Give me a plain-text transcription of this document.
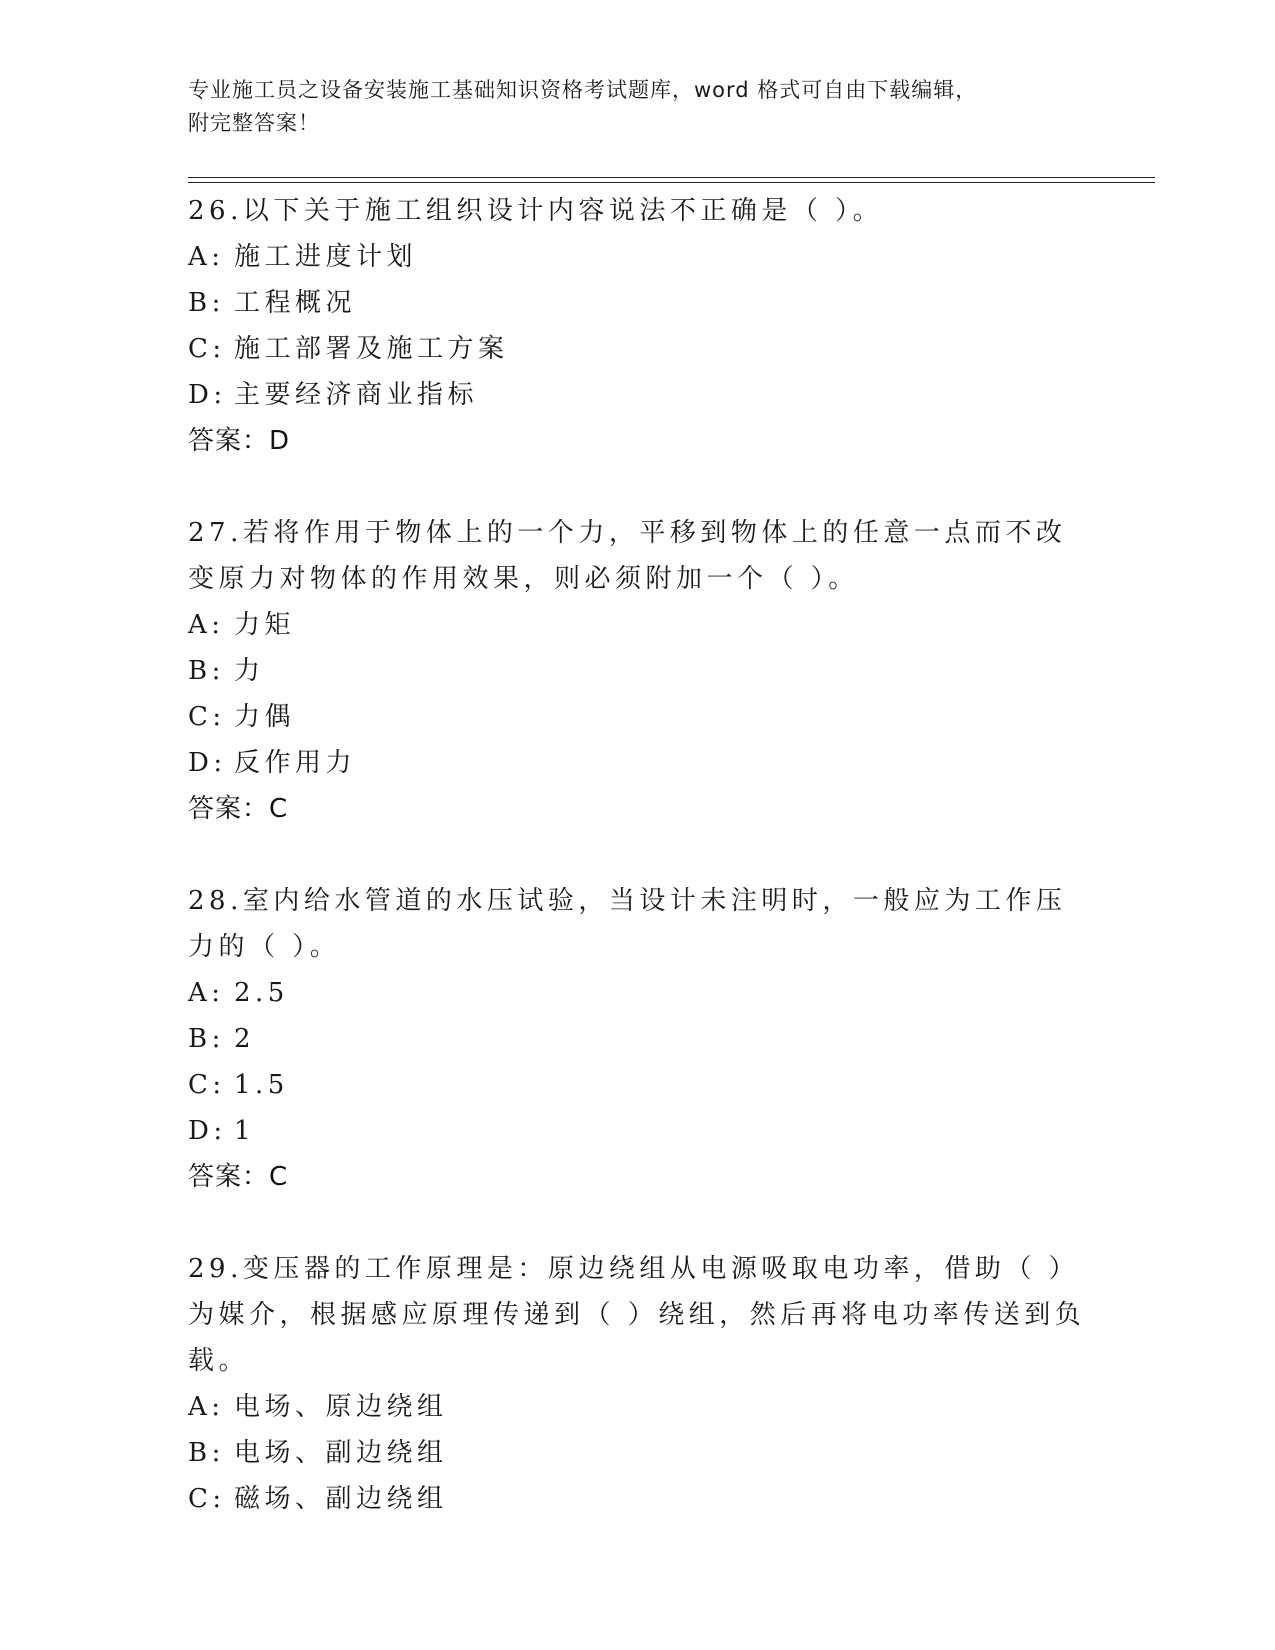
专业施工员之设备安装施工基础知识资格考试题库，word 格式可自由下载编辑，
附完整答案！
26.以下关于施工组织设计内容说法不正确是（ ）。
A: 施工进度计划
B: 工程概况
C: 施工部署及施工方案
D: 主要经济商业指标
答案：D
27.若将作用于物体上的一个力，平移到物体上的任意一点而不改变原力对物体的作用效果，则必须附加一个（ ）。
A: 力矩
B: 力
C: 力偶
D: 反作用力
答案：C
28.室内给水管道的水压试验，当设计未注明时，一般应为工作压力的（ ）。
A: 2.5
B: 2
C: 1.5
D: 1
答案：C
29.变压器的工作原理是：原边绕组从电源吸取电功率，借助（ ）为媒介，根据感应原理传递到（ ）绕组，然后再将电功率传送到负载。
A: 电场、原边绕组
B: 电场、副边绕组
C: 磁场、副边绕组
